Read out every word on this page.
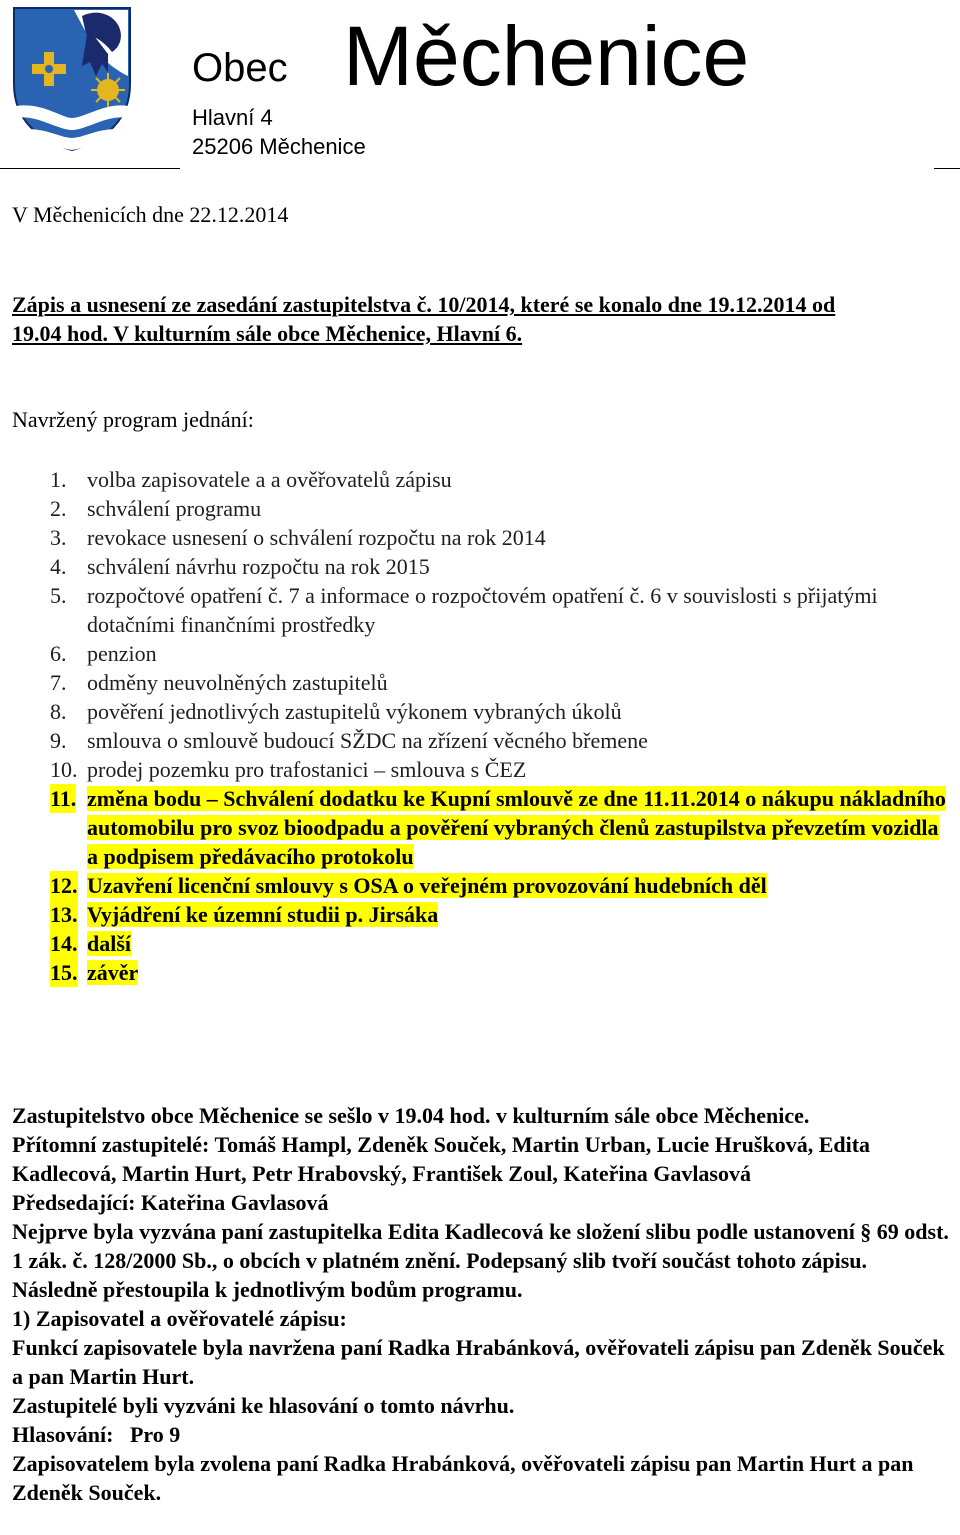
Obec Měchenice
Hlavní 4
25206 Měchenice
V Měchenicích dne 22.12.2014
Zápis a usnesení ze zasedání zastupitelstva č. 10/2014, které se konalo dne 19.12.2014 od
19.04 hod. V kulturním sále obce Měchenice, Hlavní 6.
Navržený program jednání:
1. volba zapisovatele a a ověřovatelů zápisu
2. schválení programu
3. revokace usnesení o schválení rozpočtu na rok 2014
4. schválení návrhu rozpočtu na rok 2015
5. rozpočtové opatření č. 7 a informace o rozpočtovém opatření č. 6 v souvislosti s přijatými dotačními finančními prostředky
6. penzion
7. odměny neuvolněných zastupitelů
8. pověření jednotlivých zastupitelů výkonem vybraných úkolů
9. smlouva o smlouvě budoucí SŽDC na zřízení věcného břemene
10. prodej pozemku pro trafostanici – smlouva s ČEZ
11. změna bodu – Schválení dodatku ke Kupní smlouvě ze dne 11.11.2014 o nákupu nákladního automobilu pro svoz bioodpadu a pověření vybraných členů zastupilstva převzetím vozidla a podpisem předávacího protokolu
12. Uzavření licenční smlouvy s OSA o veřejném provozování hudebních děl
13. Vyjádření ke územní studii p. Jirsáka
14. další
15. závěr

Zastupitelstvo obce Měchenice se sešlo v 19.04 hod. v kulturním sále obce Měchenice.

Přítomní zastupitelé: Tomáš Hampl, Zdeněk Souček, Martin Urban, Lucie Hrušková, Edita Kadlecová, Martin Hurt, Petr Hrabovský, František Zoul, Kateřina Gavlasová

Předsedající: Kateřina Gavlasová

Nejprve byla vyzvána paní zastupitelka Edita Kadlecová ke složení slibu podle ustanovení § 69 odst. 1 zák. č. 128/2000 Sb., o obcích v platném znění. Podepsaný slib tvoří součást tohoto zápisu.

Následně přestoupila k jednotlivým bodům programu.

1) Zapisovatel a ověřovatelé zápisu:

Funkcí zapisovatele byla navržena paní Radka Hrabánková, ověřovateli zápisu pan Zdeněk Souček a pan Martin Hurt.

Zastupitelé byli vyzváni ke hlasování o tomto návrhu.

Hlasování:   Pro 9

Zapisovatelem byla zvolena paní Radka Hrabánková, ověřovateli zápisu pan Martin Hurt a pan Zdeněk Souček.
